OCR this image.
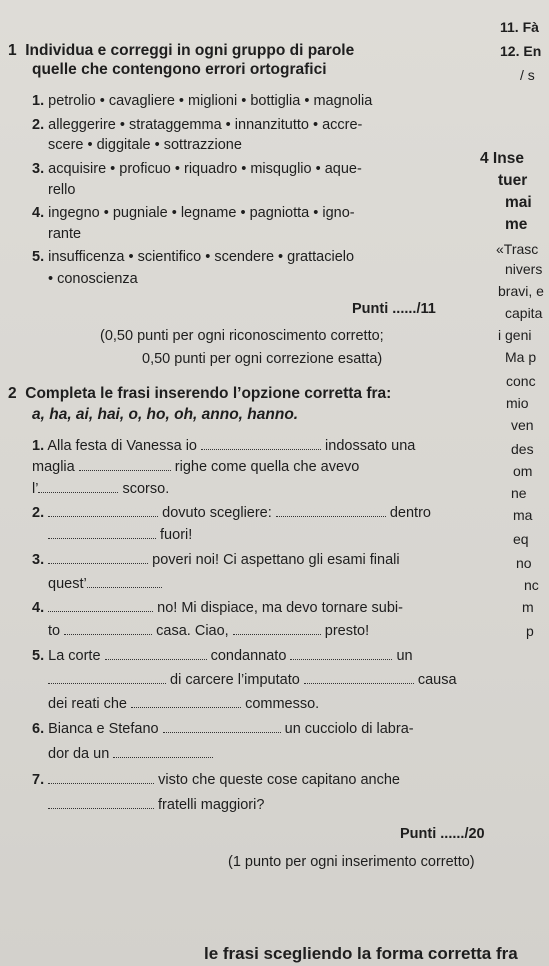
1 Individua e correggi in ogni gruppo di parole
quelle che contengono errori ortografici
1. petrolio • cavagliere • miglioni • bottiglia • magnolia
2. alleggerire • strataggemma • innanzitutto • accre-
scere • diggitale • sottrazzione
3. acquisire • proficuo • riquadro • misquglio • aque-
rello
4. ingegno • pugniale • legname • pagniotta • igno-
rante
5. insufficenza • scientifico • scendere • grattacielo
• conoscienza
Punti ....../11
(0,50 punti per ogni riconoscimento corretto;
0,50 punti per ogni correzione esatta)
2 Completa le frasi inserendo l’opzione corretta fra:
a, ha, ai, hai, o, ho, oh, anno, hanno.
1. Alla festa di Vanessa io	indossato una
maglia	righe come quella che avevo
l’	scorso.
2.	dovuto scegliere:	dentro
fuori!
3.	poveri noi! Ci aspettano gli esami finali
quest’
4.	no! Mi dispiace, ma devo tornare subi-
to	casa. Ciao,	presto!
5. La corte	condannato	un
di carcere l’imputato	causa
dei reati che	commesso.
6. Bianca e Stefano	un cucciolo di labra-
dor da un
7.	visto che queste cose capitano anche
fratelli maggiori?
Punti ....../20
(1 punto per ogni inserimento corretto)
le frasi scegliendo la forma corretta fra
11. Fà
12. En
/ s
4 Inse
tuer
mai
me
«Trasc
nivers
bravi, e
capita
i geni
Ma p
conc
mio
ven
des
om
ne
ma
eq
no
nc
m
p
